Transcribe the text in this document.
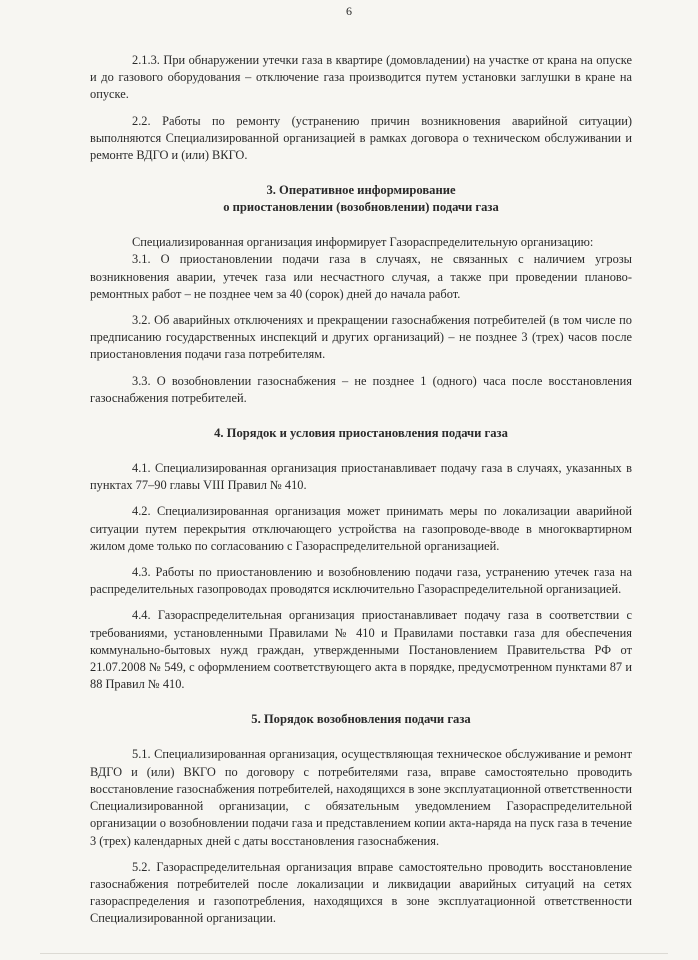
6

2.1.3. При обнаружении утечки газа в квартире (домовладении) на участке от крана на опуске и до газового оборудования – отключение газа производится путем установки заглушки в кране на опуске.

2.2. Работы по ремонту (устранению причин возникновения аварийной ситуации) выполняются Специализированной организацией в рамках договора о техническом обслуживании и ремонте ВДГО и (или) ВКГО.

3. Оперативное информирование
о приостановлении (возобновлении) подачи газа

Специализированная организация информирует Газораспределительную организацию:

3.1. О приостановлении подачи газа в случаях, не связанных с наличием угрозы возникновения аварии, утечек газа или несчастного случая, а также при проведении планово-ремонтных работ – не позднее чем за 40 (сорок) дней до начала работ.

3.2. Об аварийных отключениях и прекращении газоснабжения потребителей (в том числе по предписанию государственных инспекций и других организаций) – не позднее 3 (трех) часов после приостановления подачи газа потребителям.

3.3. О возобновлении газоснабжения – не позднее 1 (одного) часа после восстановления газоснабжения потребителей.

4. Порядок и условия приостановления подачи газа

4.1. Специализированная организация приостанавливает подачу газа в случаях, указанных в пунктах 77–90 главы VIII Правил № 410.

4.2. Специализированная организация может принимать меры по локализации аварийной ситуации путем перекрытия отключающего устройства на газопроводе-вводе в многоквартирном жилом доме только по согласованию с Газораспределительной организацией.

4.3. Работы по приостановлению и возобновлению подачи газа, устранению утечек газа на распределительных газопроводах проводятся исключительно Газораспределительной организацией.

4.4. Газораспределительная организация приостанавливает подачу газа в соответствии с требованиями, установленными Правилами № 410 и Правилами поставки газа для обеспечения коммунально-бытовых нужд граждан, утвержденными Постановлением Правительства РФ от 21.07.2008 № 549, с оформлением соответствующего акта в порядке, предусмотренном пунктами 87 и 88 Правил № 410.

5. Порядок возобновления подачи газа

5.1. Специализированная организация, осуществляющая техническое обслуживание и ремонт ВДГО и (или) ВКГО по договору с потребителями газа, вправе самостоятельно проводить восстановление газоснабжения потребителей, находящихся в зоне эксплуатационной ответственности Специализированной организации, с обязательным уведомлением Газораспределительной организации о возобновлении подачи газа и представлением копии акта-наряда на пуск газа в течение 3 (трех) календарных дней с даты восстановления газоснабжения.

5.2. Газораспределительная организация вправе самостоятельно проводить восстановление газоснабжения потребителей после локализации и ликвидации аварийных ситуаций на сетях газораспределения и газопотребления, находящихся в зоне эксплуатационной ответственности Специализированной организации.
